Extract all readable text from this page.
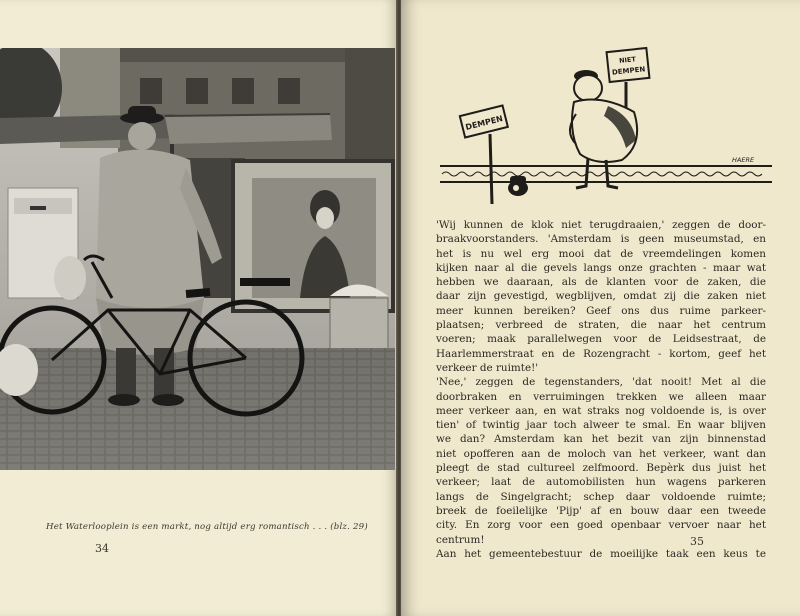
Het Waterlooplein is een markt, nog altijd erg romantisch . . . (blz. 29)
34
DEMPEN
NIET
DEMPEN
HAERE

'Wij kunnen de klok niet terugdraaien,' zeggen de door-
braakvoorstanders. 'Amsterdam is geen museumstad, en
het is nu wel erg mooi dat de vreemdelingen komen
kijken naar al die gevels langs onze grachten - maar wat
hebben we daaraan, als de klanten voor de zaken, die
daar zijn gevestigd, wegblijven, omdat zij die zaken niet
meer kunnen bereiken? Geef ons dus ruime parkeer-
plaatsen; verbreed de straten, die naar het centrum
voeren; maak parallelwegen voor de Leidsestraat, de
Haarlemmerstraat en de Rozengracht - kortom, geef het
verkeer de ruimte!'

'Nee,' zeggen de tegenstanders, 'dat nooit! Met al die
doorbraken en verruimingen trekken we alleen maar
meer verkeer aan, en wat straks nog voldoende is, is over
tien' of twintig jaar toch alweer te smal. En waar blijven
we dan? Amsterdam kan het bezit van zijn binnenstad
niet opofferen aan de moloch van het verkeer, want dan
pleegt de stad cultureel zelfmoord. Bepèrk dus juist het
verkeer; laat de automobilisten hun wagens parkeren
langs de Singelgracht; schep daar voldoende ruimte;
breek de foeilelijke 'Pijp' af en bouw daar een tweede
city. En zorg voor een goed openbaar vervoer naar het
centrum!

Aan het gemeentebestuur de moeilijke taak een keus te

35
